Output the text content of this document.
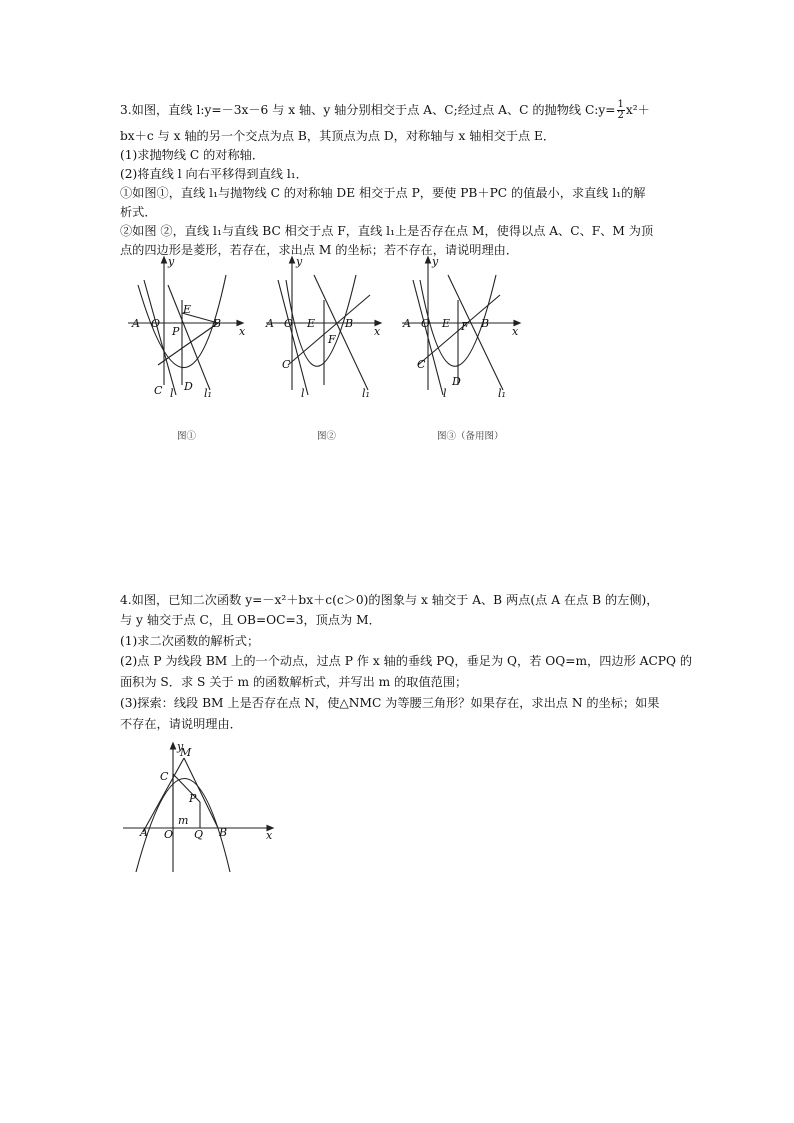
3.如图，直线 l:y=－3x－6 与 x 轴、y 轴分别相交于点 A、C;经过点 A、C 的抛物线 C:y= $\frac{1}{2} x^2+$
bx＋c 与 x 轴的另一个交点为点 B，其顶点为点 D，对称轴与 x 轴相交于点 E．
(1)求抛物线 C 的对称轴．
(2)将直线 l 向右平移得到直线 l₁．
①如图①，直线 l₁与抛物线 C 的对称轴 DE 相交于点 P，要使 PB＋PC 的值最小，求直线 l₁的解
析式．
②如图 ②，直线 l₁与直线 BC 相交于点 F，直线 l₁上是否存在点 M，使得以点 A、C、F、M 为顶
点的四边形是菱形，若存在，求出点 M 的坐标；若不存在，请说明理由．
A O
E
B
P
C D
l	l₁
x
y
A O E	B
F
C
l	l₁
x
y
A O E F B
C
D
l	l₁
x
y
图①	图②	图③（备用图）
4.如图，已知二次函数 y=－x²＋bx＋c(c＞0)的图象与 x 轴交于 A、B 两点(点 A 在点 B 的左侧)，
与 y 轴交于点 C，且 OB=OC=3，顶点为 M．
(1)求二次函数的解析式；
(2)点 P 为线段 BM 上的一个动点，过点 P 作 x 轴的垂线 PQ，垂足为 Q，若 OQ=m，四边形 ACPQ 的
面积为 S．求 S 关于 m 的函数解析式，并写出 m 的取值范围；
(3)探索：线段 BM 上是否存在点 N，使△NMC 为等腰三角形？如果存在，求出点 N 的坐标；如果
不存在，请说明理由．
M
C
P
m
A O Q B	x
y
